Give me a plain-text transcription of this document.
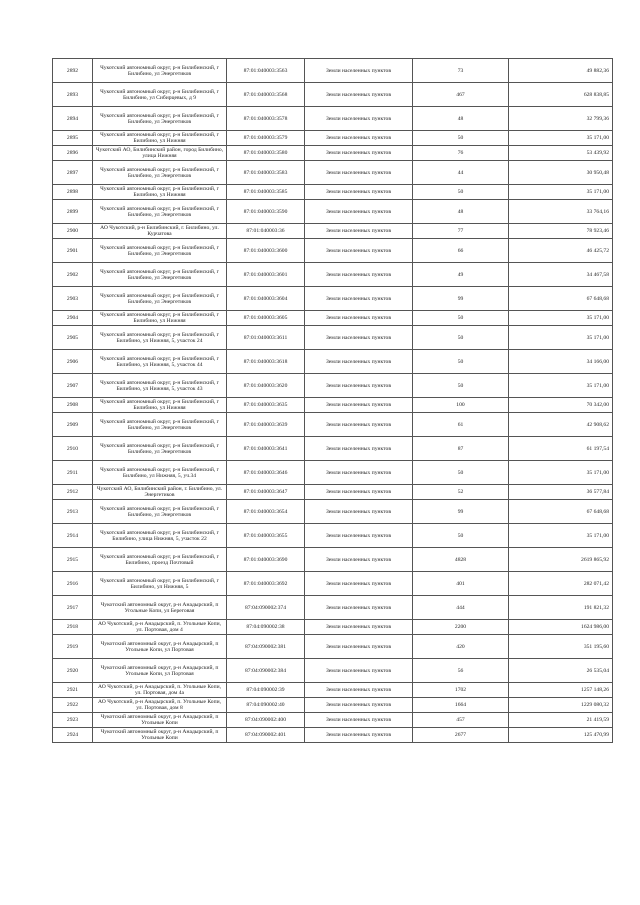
2892	Чукотский автономный округ, р-н Билибинский, г Билибино, ул Энергетиков	87:01:040003:3563	Земли населенных пунктов	73	49 882,36
2893	Чукотский автономный округ, р-н Билибинский, г Билибино, ул Сибирцевых, д 9	87:01:040003:3568	Земли населенных пунктов	467	628 838,85
2894	Чукотский автономный округ, р-н Билибинский, г Билибино, ул Энергетиков	87:01:040003:3578	Земли населенных пунктов	48	32 799,36
2895	Чукотский автономный округ, р-н Билибинский, г Билибино, ул Нижняя	87:01:040003:3579	Земли населенных пунктов	50	35 171,00
2896	Чукотский АО, Билибинский район, город Билибино, улица Нижняя	87:01:040003:3580	Земли населенных пунктов	76	53 439,92
2897	Чукотский автономный округ, р-н Билибинский, г Билибино, ул Энергетиков	87:01:040003:3583	Земли населенных пунктов	44	30 950,48
2898	Чукотский автономный округ, р-н Билибинский, г Билибино, ул Нижняя	87:01:040003:3585	Земли населенных пунктов	50	35 171,00
2899	Чукотский автономный округ, р-н Билибинский, г Билибино, ул Энергетиков	87:01:040003:3590	Земли населенных пунктов	48	33 764,16
2900	АО Чукотский, р-н Билибинский, г. Билибино, ул. Курчатова	87:01:040003:36	Земли населенных пунктов	77	78 923,46
2901	Чукотский автономный округ, р-н Билибинский, г Билибино, ул Энергетиков	87:01:040003:3600	Земли населенных пунктов	66	46 425,72
2902	Чукотский автономный округ, р-н Билибинский, г Билибино, ул Энергетиков	87:01:040003:3601	Земли населенных пунктов	49	34 467,58
2903	Чукотский автономный округ, р-н Билибинский, г Билибино, ул Энергетиков	87:01:040003:3604	Земли населенных пунктов	99	67 648,68
2904	Чукотский автономный округ, р-н Билибинский, г Билибино, ул Нижняя	87:01:040003:3605	Земли населенных пунктов	50	35 171,00
2905	Чукотский автономный округ, р-н Билибинский, г Билибино, ул Нижняя, 5, участок 24	87:01:040003:3611	Земли населенных пунктов	50	35 171,00
2906	Чукотский автономный округ, р-н Билибинский, г Билибино, ул Нижняя, 5, участок 44	87:01:040003:3618	Земли населенных пунктов	50	34 166,00
2907	Чукотский автономный округ, р-н Билибинский, г Билибино, ул Нижняя, 5, участок 43	87:01:040003:3620	Земли населенных пунктов	50	35 171,00
2908	Чукотский автономный округ, р-н Билибинский, г Билибино, ул Нижняя	87:01:040003:3635	Земли населенных пунктов	100	70 342,00
2909	Чукотский автономный округ, р-н Билибинский, г Билибино, ул Энергетиков	87:01:040003:3639	Земли населенных пунктов	61	42 908,62
2910	Чукотский автономный округ, р-н Билибинский, г Билибино, ул Энергетиков	87:01:040003:3641	Земли населенных пунктов	87	61 197,54
2911	Чукотский автономный округ, р-н Билибинский, г Билибино, ул Нижняя, 5, уч.34	87:01:040003:3646	Земли населенных пунктов	50	35 171,00
2912	Чукотский АО, Билибинский район, г. Билибино, ул. Энергетиков	87:01:040003:3647	Земли населенных пунктов	52	36 577,84
2913	Чукотский автономный округ, р-н Билибинский, г Билибино, ул Энергетиков	87:01:040003:3654	Земли населенных пунктов	99	67 648,68
2914	Чукотский автономный округ, р-н Билибинский, г Билибино, улица Нижняя, 5, участок 22	87:01:040003:3655	Земли населенных пунктов	50	35 171,00
2915	Чукотский автономный округ, р-н Билибинский, г Билибино, проезд Почтовый	87:01:040003:3690	Земли населенных пунктов	4828	2619 865,92
2916	Чукотский автономный округ, р-н Билибинский, г Билибино, ул Нижняя, 5	87:01:040003:3692	Земли населенных пунктов	401	282 071,42
2917	Чукотский автономный округ, р-н Анадырский, п Угольные Копи, ул Береговая	87:04:090002:374	Земли населенных пунктов	444	191 821,32
2918	АО Чукотский, р-н Анадырский, п. Угольные Копи, ул. Портовая, дом 4	87:04:090002:38	Земли населенных пунктов	2200	1624 986,00
2919	Чукотский автономный округ, р-н Анадырский, п Угольные Копи, ул Портовая	87:04:090002:381	Земли населенных пунктов	420	351 195,60
2920	Чукотский автономный округ, р-н Анадырский, п Угольные Копи, ул Портовая	87:04:090002:384	Земли населенных пунктов	56	26 535,04
2921	АО Чукотский, р-н Анадырский, п. Угольные Копи, ул. Портовая, дом 4а	87:04:090002:39	Земли населенных пунктов	1702	1257 148,26
2922	АО Чукотский, р-н Анадырский, п. Угольные Копи, ул. Портовая, дом 8	87:04:090002:40	Земли населенных пунктов	1664	1229 080,32
2923	Чукотский автономный округ, р-н Анадырский, п Угольные Копи	87:04:090002:400	Земли населенных пунктов	457	21 419,59
2924	Чукотский автономный округ, р-н Анадырский, п Угольные Копи	87:04:090002:401	Земли населенных пунктов	2677	125 470,99
